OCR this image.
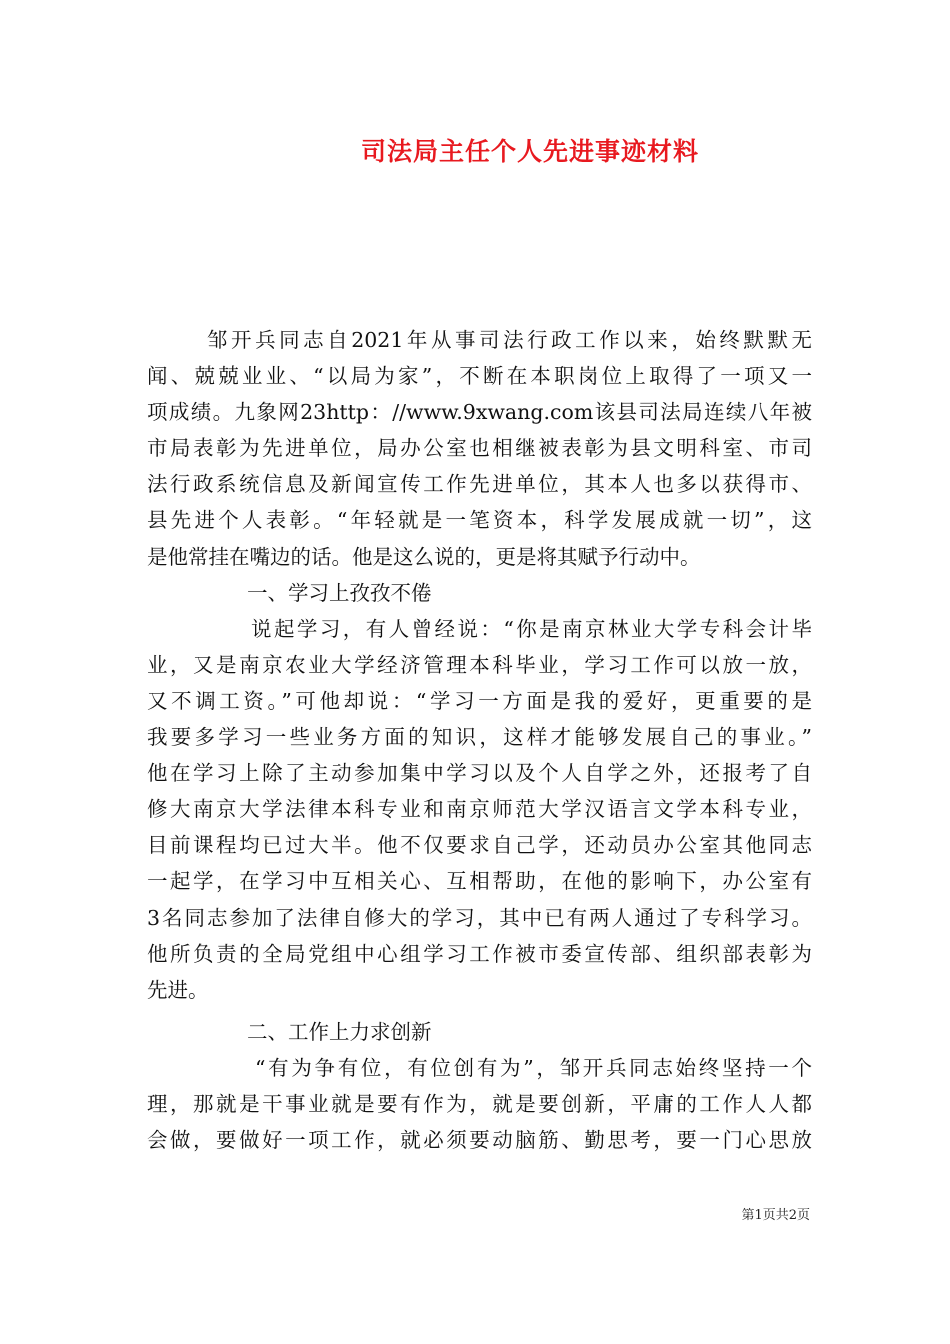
司法局主任个人先进事迹材料
邹开兵同志自2021年从事司法行政工作以来，始终默默无
闻、兢兢业业、“以局为家”，不断在本职岗位上取得了一项又一
项成绩。九象网23http：//www.9xwang.com该县司法局连续八年被
市局表彰为先进单位，局办公室也相继被表彰为县文明科室、市司
法行政系统信息及新闻宣传工作先进单位，其本人也多以获得市、
县先进个人表彰。“年轻就是一笔资本，科学发展成就一切”，这
是他常挂在嘴边的话。他是这么说的，更是将其赋予行动中。
一、学习上孜孜不倦
说起学习，有人曾经说：“你是南京林业大学专科会计毕
业，又是南京农业大学经济管理本科毕业，学习工作可以放一放，
又不调工资。”可他却说：“学习一方面是我的爱好，更重要的是
我要多学习一些业务方面的知识，这样才能够发展自己的事业。”
他在学习上除了主动参加集中学习以及个人自学之外，还报考了自
修大南京大学法律本科专业和南京师范大学汉语言文学本科专业，
目前课程均已过大半。他不仅要求自己学，还动员办公室其他同志
一起学，在学习中互相关心、互相帮助，在他的影响下，办公室有
3名同志参加了法律自修大的学习，其中已有两人通过了专科学习。
他所负责的全局党组中心组学习工作被市委宣传部、组织部表彰为
先进。
二、工作上力求创新
“有为争有位，有位创有为”，邹开兵同志始终坚持一个
理，那就是干事业就是要有作为，就是要创新，平庸的工作人人都
会做，要做好一项工作，就必须要动脑筋、勤思考，要一门心思放
第1页共2页
